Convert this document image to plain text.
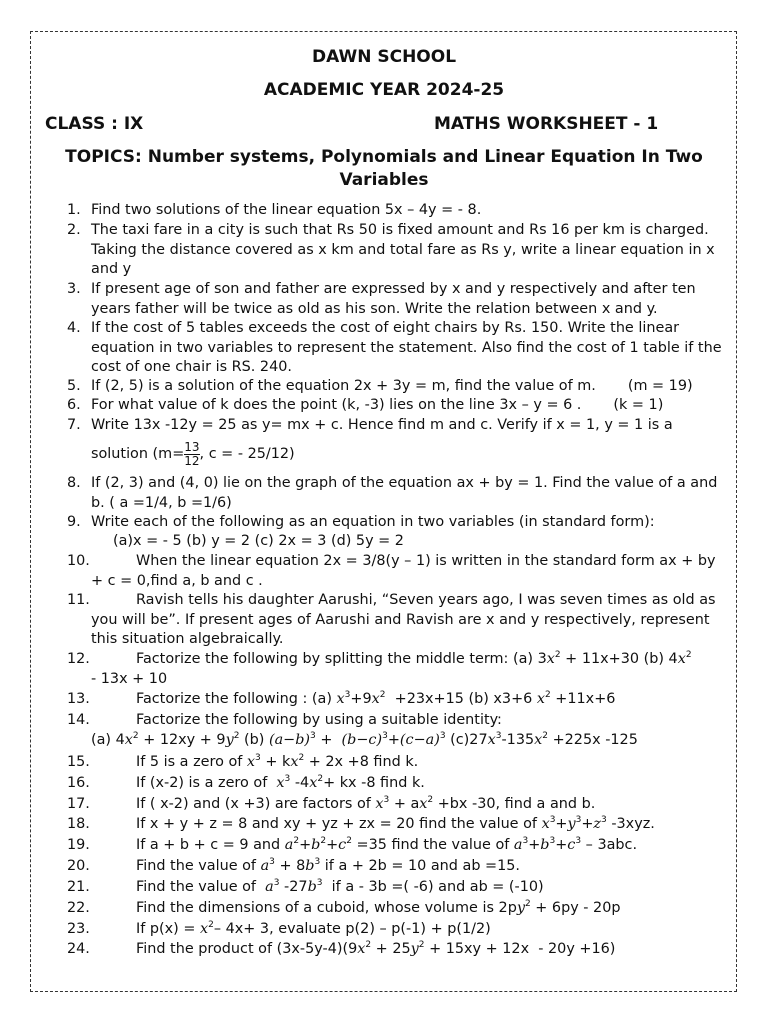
DAWN SCHOOL
ACADEMIC YEAR 2024-25
CLASS : IX	MATHS WORKSHEET - 1
TOPICS: Number systems, Polynomials and Linear Equation In Two Variables
1. Find two solutions of the linear equation 5x – 4y = - 8.
2. The taxi fare in a city is such that Rs 50 is fixed amount and Rs 16 per km is charged. Taking the distance covered as x km and total fare as Rs y, write a linear equation in x and y
3. If present age of son and father are expressed by x and y respectively and after ten years father will be twice as old as his son. Write the relation between x and y.
4. If the cost of 5 tables exceeds the cost of eight chairs by Rs. 150. Write the linear equation in two variables to represent the statement. Also find the cost of 1 table if the cost of one chair is RS. 240.
5. If (2, 5) is a solution of the equation 2x + 3y = m, find the value of m.       (m = 19)
6. For what value of k does the point (k, -3) lies on the line 3x – y = 6 .       (k = 1)
7. Write 13x -12y = 25 as y= mx + c. Hence find m and c. Verify if x = 1, y = 1 is a
solution ($m= \frac{13}{12}$ , c = - 25/12)
8. If (2, 3) and (4, 0) lie on the graph of the equation ax + by = 1. Find the value of a and b. ( a =1/4, b =1/6)
9. Write each of the following as an equation in two variables (in standard form):
(a)x = - 5 (b) y = 2 (c) 2x = 3 (d) 5y = 2
10.	When the linear equation 2x = 3/8(y – 1) is written in the standard form ax + by + c = 0,find a, b and c .
11.	Ravish tells his daughter Aarushi, “Seven years ago, I was seven times as old as you will be”. If present ages of Aarushi and Ravish are x and y respectively, represent this situation algebraically.
12.	Factorize the following by splitting the middle term: (a) $3x^2 + 11x+30$ (b) $4x^2$
- 13x + 10
13.	Factorize the following : (a) $x^3+9x^2 +23x+15$ (b) x3+6 $x^2 +11x+6$
14.	Factorize the following by using a suitable identity:
(a) $4x^2 + 12xy + 9y^2$ (b) $(a-b)^3 + (b-c)^3+(c-a)^3$ $(c)27x^3-135x^2 +225x$ -125
15.	If 5 is a zero of $x^3 + kx^2 + 2x +8$ find k.
16.	If (x-2) is a zero of  $x^3$ $-4x^2+$ kx -8 find k.
17.	If ( x-2) and (x +3) are factors of $x^3 + ax^2 +bx$ -30, find a and b.
18.	If x + y + z = 8 and xy + yz + zx = 20 find the value of $x^3+y^3+z^3$ -3xyz.
19.	If a + b + c = 9 and $a^2+b^2+c^2 =35$ find the value of $a^3+b^3+c^3 - 3abc$.
20.	Find the value of $a^3 + 8b^3$ if a + 2b = 10 and ab =15.
21.	Find the value of  $a^3$ $-27b^3$  if a - 3b =( -6) and ab = (-10)
22.	Find the dimensions of a cuboid, whose volume is $2py^2 + 6py - 20p$
23.	If $p(x) = x^2-$ 4x+ 3, evaluate p(2) – p(-1) + p(1/2)
24.	Find the product of $(3x-5y-4)(9x^2 + 25y^2 + 15xy + 12x - 20y +16)$
